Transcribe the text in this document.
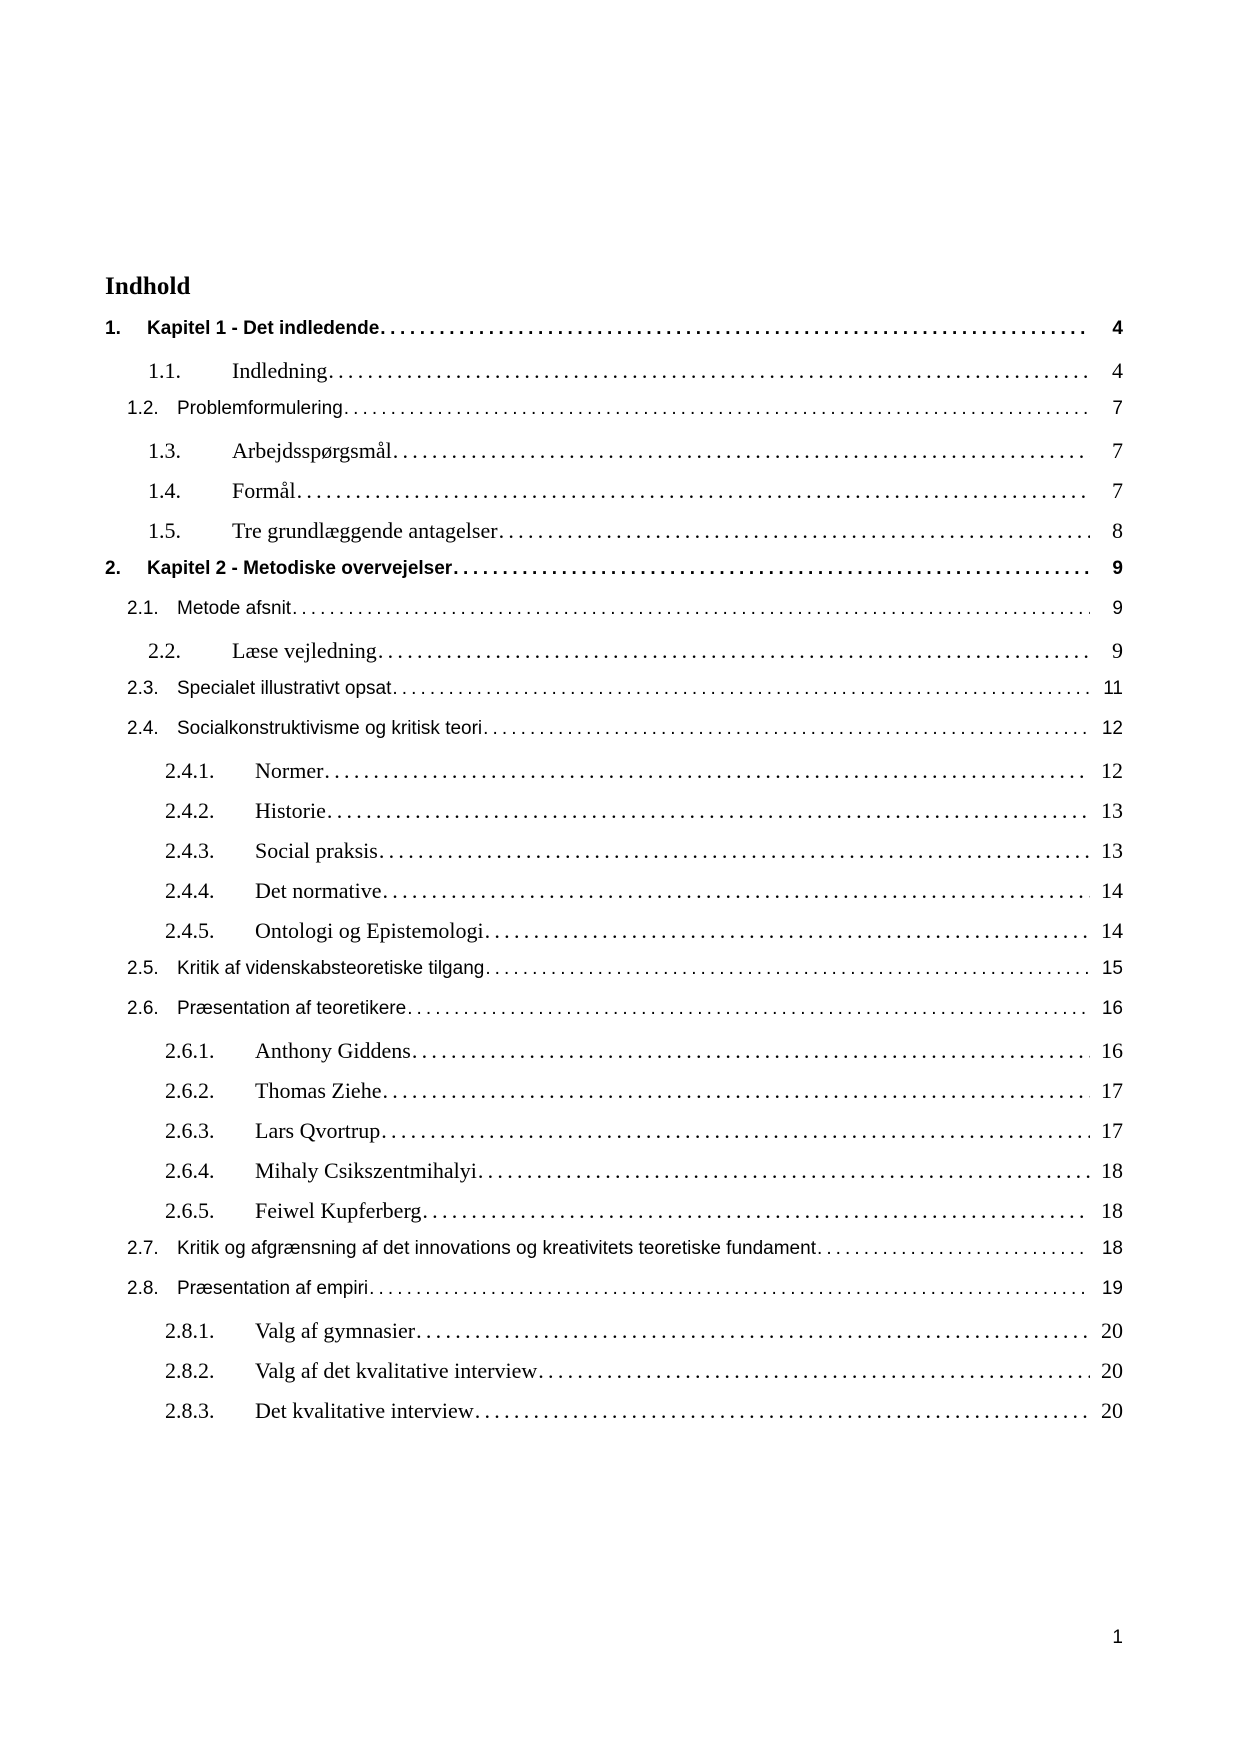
Indhold
1.	Kapitel 1 - Det indledende . . .	4
1.1.	Indledning . . .	4
1.2. Problemformulering . . .	7
1.3.	Arbejdsspørgsmål . . .	7
1.4.	Formål . . .	7
1.5.	Tre grundlæggende antagelser . . .	8
2.	Kapitel 2 - Metodiske overvejelser . . .	9
2.1. Metode afsnit . . .	9
2.2.	Læse vejledning . . .	9
2.3. Specialet illustrativt opsat . . .	11
2.4. Socialkonstruktivisme og kritisk teori . . .	12
2.4.1.	Normer . . .	12
2.4.2.	Historie . . .	13
2.4.3.	Social praksis . . .	13
2.4.4.	Det normative . . .	14
2.4.5.	Ontologi og Epistemologi . . .	14
2.5. Kritik af videnskabsteoretiske tilgang . . .	15
2.6. Præsentation af teoretikere . . .	16
2.6.1.	Anthony Giddens . . .	16
2.6.2.	Thomas Ziehe . . .	17
2.6.3.	Lars Qvortrup . . .	17
2.6.4.	Mihaly Csikszentmihalyi . . .	18
2.6.5.	Feiwel Kupferberg . . .	18
2.7. Kritik og afgrænsning af det innovations og kreativitets teoretiske fundament . . .	18
2.8. Præsentation af empiri . . .	19
2.8.1.	Valg af gymnasier . . .	20
2.8.2.	Valg af det kvalitative interview . . .	20
2.8.3.	Det kvalitative interview . . .	20
1
